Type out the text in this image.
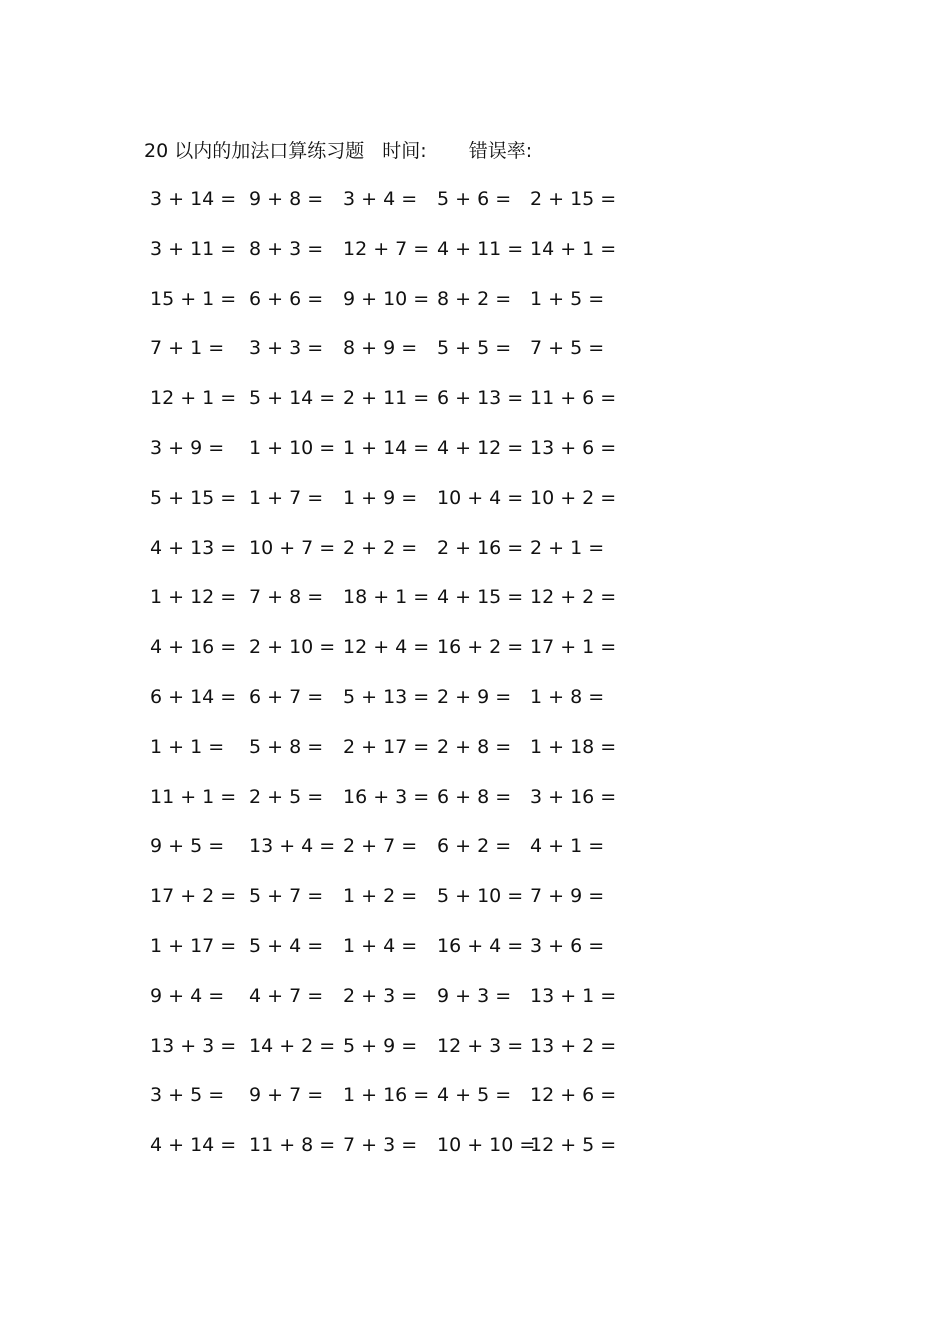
20 以内的加法口算练习题 时间: 错误率:
3 + 14 = 9 + 8 = 3 + 4 = 5 + 6 = 2 + 15 =
3 + 11 = 8 + 3 = 12 + 7 = 4 + 11 = 14 + 1 =
15 + 1 = 6 + 6 = 9 + 10 = 8 + 2 = 1 + 5 =
7 + 1 = 3 + 3 = 8 + 9 = 5 + 5 = 7 + 5 =
12 + 1 = 5 + 14 = 2 + 11 = 6 + 13 = 11 + 6 =
3 + 9 = 1 + 10 = 1 + 14 = 4 + 12 = 13 + 6 =
5 + 15 = 1 + 7 = 1 + 9 = 10 + 4 = 10 + 2 =
4 + 13 = 10 + 7 = 2 + 2 = 2 + 16 = 2 + 1 =
1 + 12 = 7 + 8 = 18 + 1 = 4 + 15 = 12 + 2 =
4 + 16 = 2 + 10 = 12 + 4 = 16 + 2 = 17 + 1 =
6 + 14 = 6 + 7 = 5 + 13 = 2 + 9 = 1 + 8 =
1 + 1 = 5 + 8 = 2 + 17 = 2 + 8 = 1 + 18 =
11 + 1 = 2 + 5 = 16 + 3 = 6 + 8 = 3 + 16 =
9 + 5 = 13 + 4 = 2 + 7 = 6 + 2 = 4 + 1 =
17 + 2 = 5 + 7 = 1 + 2 = 5 + 10 = 7 + 9 =
1 + 17 = 5 + 4 = 1 + 4 = 16 + 4 = 3 + 6 =
9 + 4 = 4 + 7 = 2 + 3 = 9 + 3 = 13 + 1 =
13 + 3 = 14 + 2 = 5 + 9 = 12 + 3 = 13 + 2 =
3 + 5 = 9 + 7 = 1 + 16 = 4 + 5 = 12 + 6 =
4 + 14 = 11 + 8 = 7 + 3 = 10 + 10 =
12 + 5 =
